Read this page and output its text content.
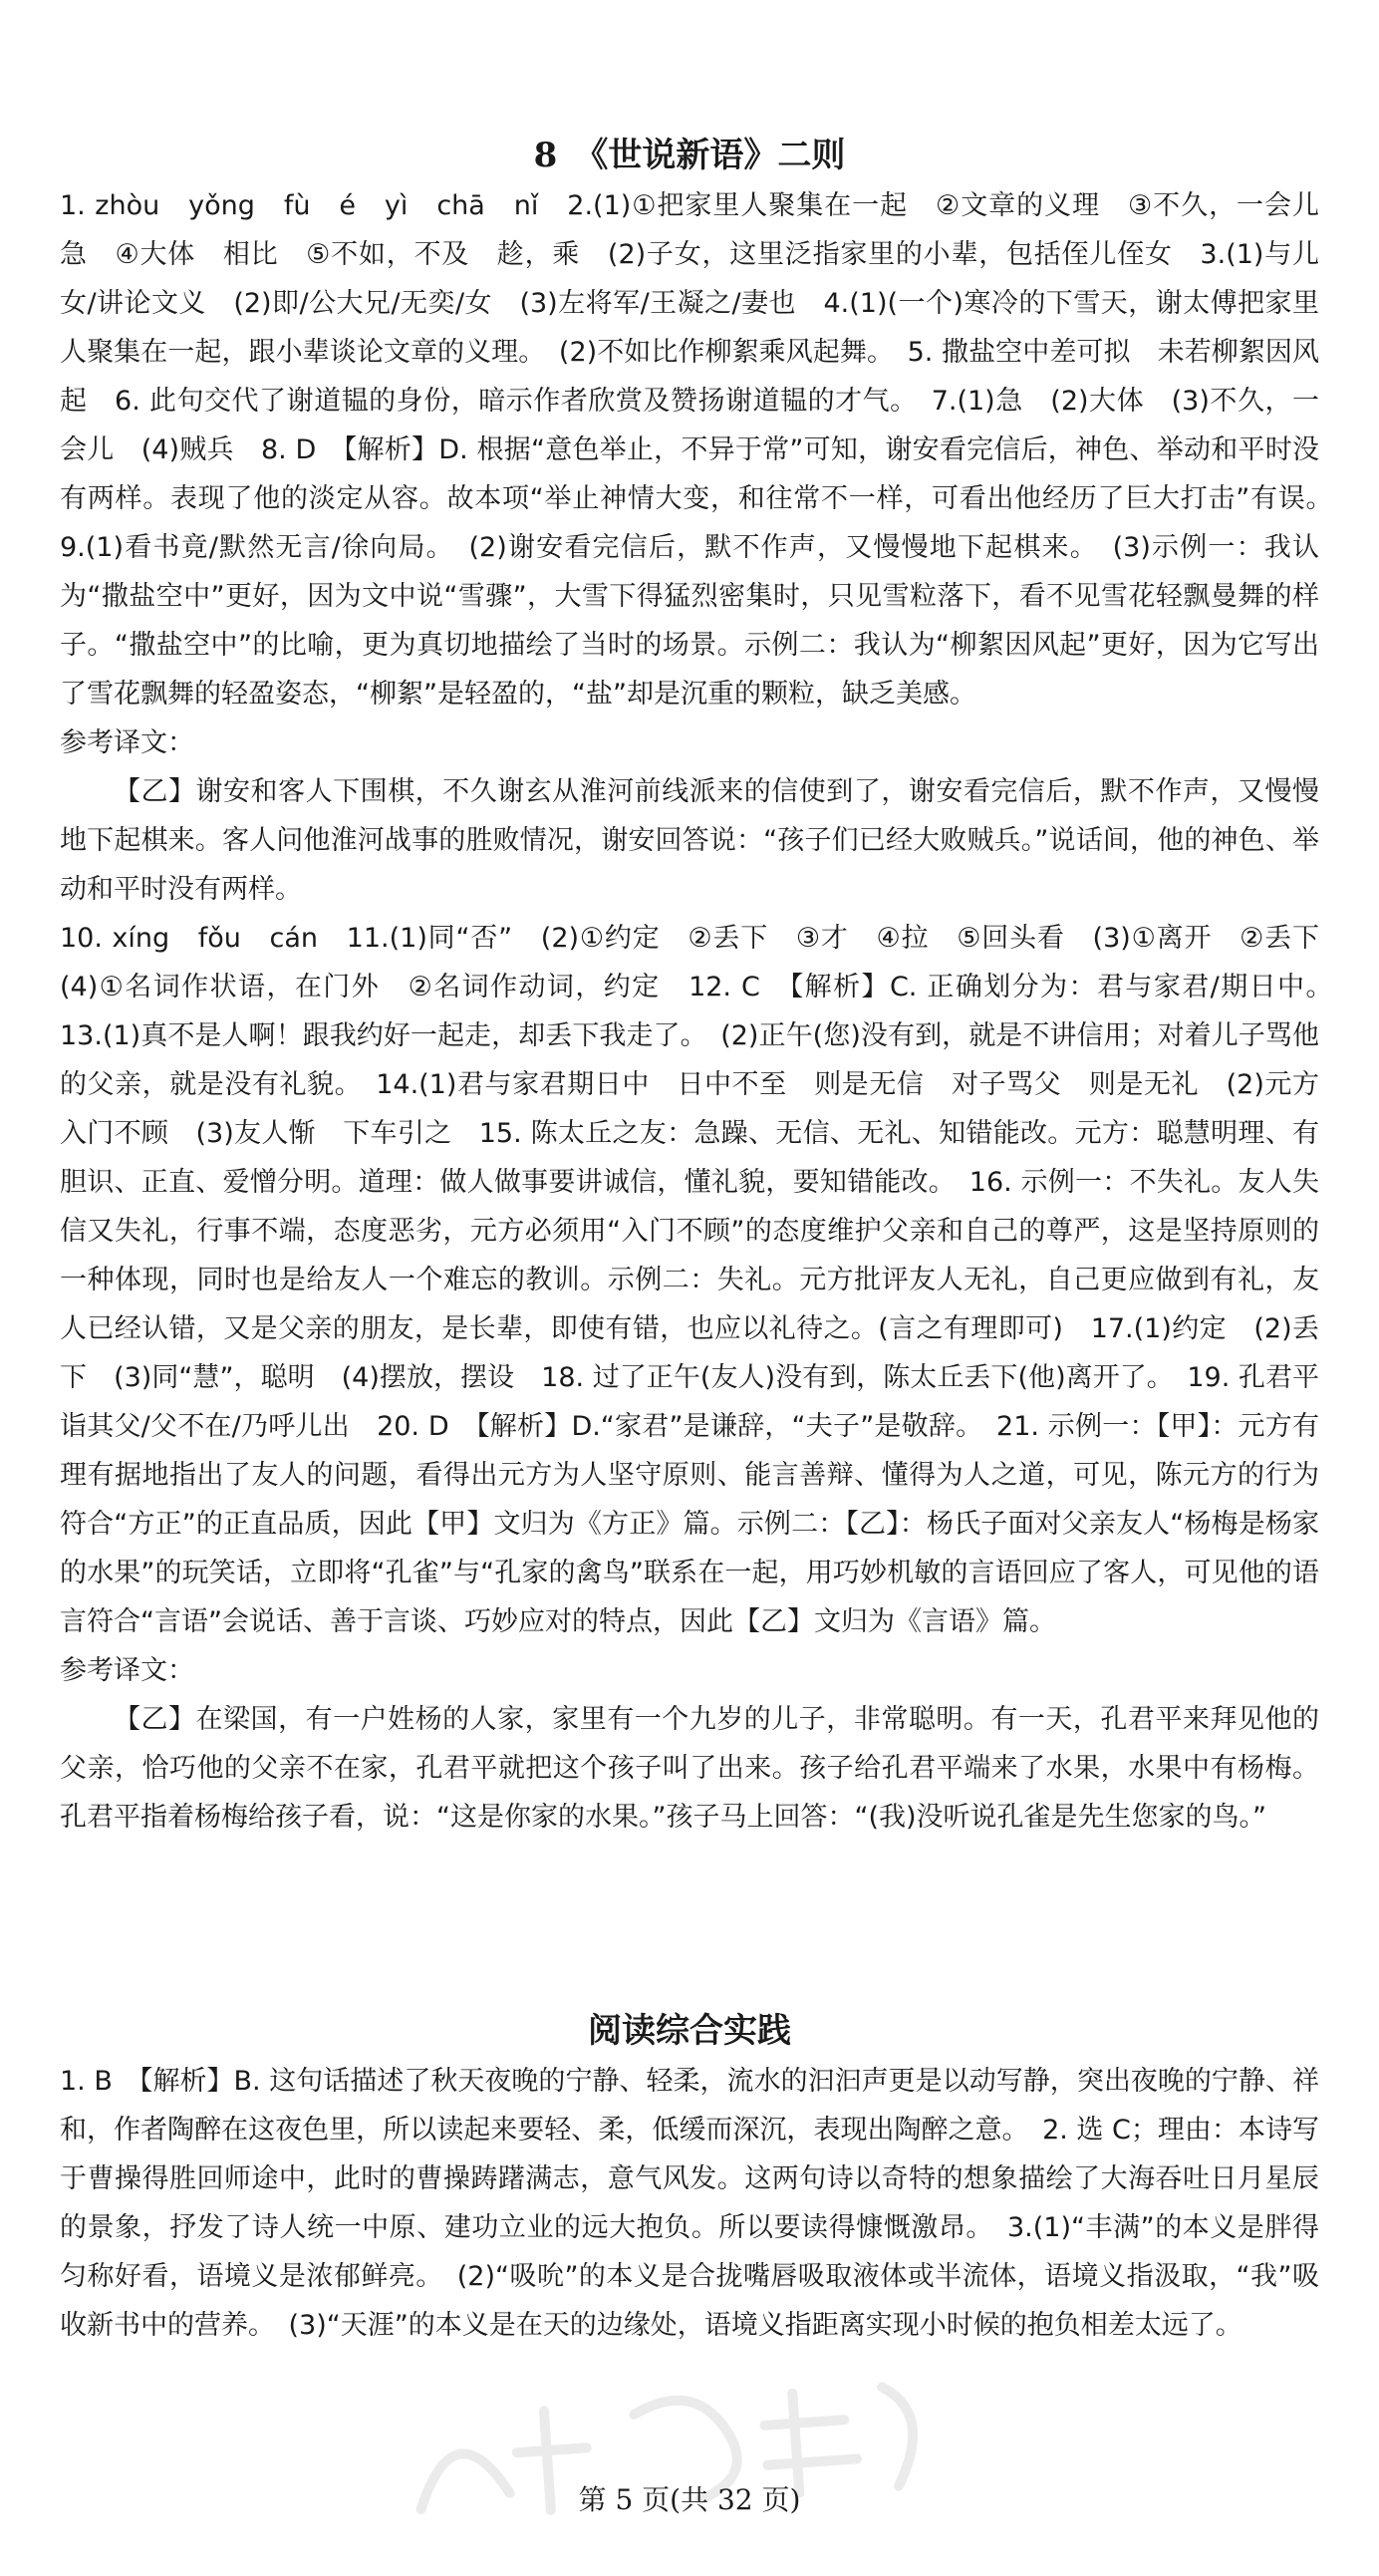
8　《世说新语》二则

1. zhòu　yǒng　fù　é　yì　chā　nǐ　2.(1)①把家里人聚集在一起　②文章的义理　③不久，一会儿　急　④大体　相比　⑤不如，不及　趁，乘　(2)子女，这里泛指家里的小辈，包括侄儿侄女　3.(1)与儿女/讲论文义　(2)即/公大兄/无奕/女　(3)左将军/王凝之/妻也　4.(1)(一个)寒冷的下雪天，谢太傅把家里人聚集在一起，跟小辈谈论文章的义理。　(2)不如比作柳絮乘风起舞。　5. 撒盐空中差可拟　未若柳絮因风起　6. 此句交代了谢道韫的身份，暗示作者欣赏及赞扬谢道韫的才气。　7.(1)急　(2)大体　(3)不久，一会儿　(4)贼兵　8. D　【解析】D. 根据“意色举止，不异于常”可知，谢安看完信后，神色、举动和平时没有两样。表现了他的淡定从容。故本项“举止神情大变，和往常不一样，可看出他经历了巨大打击”有误。　9.(1)看书竟/默然无言/徐向局。　(2)谢安看完信后，默不作声，又慢慢地下起棋来。　(3)示例一：我认为“撒盐空中”更好，因为文中说“雪骤”，大雪下得猛烈密集时，只见雪粒落下，看不见雪花轻飘曼舞的样子。“撒盐空中”的比喻，更为真切地描绘了当时的场景。示例二：我认为“柳絮因风起”更好，因为它写出了雪花飘舞的轻盈姿态，“柳絮”是轻盈的，“盐”却是沉重的颗粒，缺乏美感。

参考译文：

【乙】谢安和客人下围棋，不久谢玄从淮河前线派来的信使到了，谢安看完信后，默不作声，又慢慢地下起棋来。客人问他淮河战事的胜败情况，谢安回答说：“孩子们已经大败贼兵。”说话间，他的神色、举动和平时没有两样。

10. xíng　fǒu　cán　11.(1)同“否”　(2)①约定　②丢下　③才　④拉　⑤回头看　(3)①离开　②丢下　(4)①名词作状语，在门外　②名词作动词，约定　12. C　【解析】C. 正确划分为：君与家君/期日中。　13.(1)真不是人啊！跟我约好一起走，却丢下我走了。　(2)正午(您)没有到，就是不讲信用；对着儿子骂他的父亲，就是没有礼貌。　14.(1)君与家君期日中　日中不至　则是无信　对子骂父　则是无礼　(2)元方入门不顾　(3)友人惭　下车引之　15. 陈太丘之友：急躁、无信、无礼、知错能改。元方：聪慧明理、有胆识、正直、爱憎分明。道理：做人做事要讲诚信，懂礼貌，要知错能改。　16. 示例一：不失礼。友人失信又失礼，行事不端，态度恶劣，元方必须用“入门不顾”的态度维护父亲和自己的尊严，这是坚持原则的一种体现，同时也是给友人一个难忘的教训。示例二：失礼。元方批评友人无礼，自己更应做到有礼，友人已经认错，又是父亲的朋友，是长辈，即使有错，也应以礼待之。(言之有理即可)　17.(1)约定　(2)丢下　(3)同“慧”，聪明　(4)摆放，摆设　18. 过了正午(友人)没有到，陈太丘丢下(他)离开了。　19. 孔君平诣其父/父不在/乃呼儿出　20. D　【解析】D.“家君”是谦辞，“夫子”是敬辞。　21. 示例一：【甲】：元方有理有据地指出了友人的问题，看得出元方为人坚守原则、能言善辩、懂得为人之道，可见，陈元方的行为符合“方正”的正直品质，因此【甲】文归为《方正》篇。示例二：【乙】：杨氏子面对父亲友人“杨梅是杨家的水果”的玩笑话，立即将“孔雀”与“孔家的禽鸟”联系在一起，用巧妙机敏的言语回应了客人，可见他的语言符合“言语”会说话、善于言谈、巧妙应对的特点，因此【乙】文归为《言语》篇。

参考译文：

【乙】在梁国，有一户姓杨的人家，家里有一个九岁的儿子，非常聪明。有一天，孔君平来拜见他的父亲，恰巧他的父亲不在家，孔君平就把这个孩子叫了出来。孩子给孔君平端来了水果，水果中有杨梅。孔君平指着杨梅给孩子看，说：“这是你家的水果。”孩子马上回答：“(我)没听说孔雀是先生您家的鸟。”

阅读综合实践

1. B　【解析】B. 这句话描述了秋天夜晚的宁静、轻柔，流水的汩汩声更是以动写静，突出夜晚的宁静、祥和，作者陶醉在这夜色里，所以读起来要轻、柔，低缓而深沉，表现出陶醉之意。　2. 选 C；理由：本诗写于曹操得胜回师途中，此时的曹操踌躇满志，意气风发。这两句诗以奇特的想象描绘了大海吞吐日月星辰的景象，抒发了诗人统一中原、建功立业的远大抱负。所以要读得慷慨激昂。　3.(1)“丰满”的本义是胖得匀称好看，语境义是浓郁鲜亮。　(2)“吸吮”的本义是合拢嘴唇吸取液体或半流体，语境义指汲取，“我”吸收新书中的营养。　(3)“天涯”的本义是在天的边缘处，语境义指距离实现小时候的抱负相差太远了。

第 5 页(共 32 页)
